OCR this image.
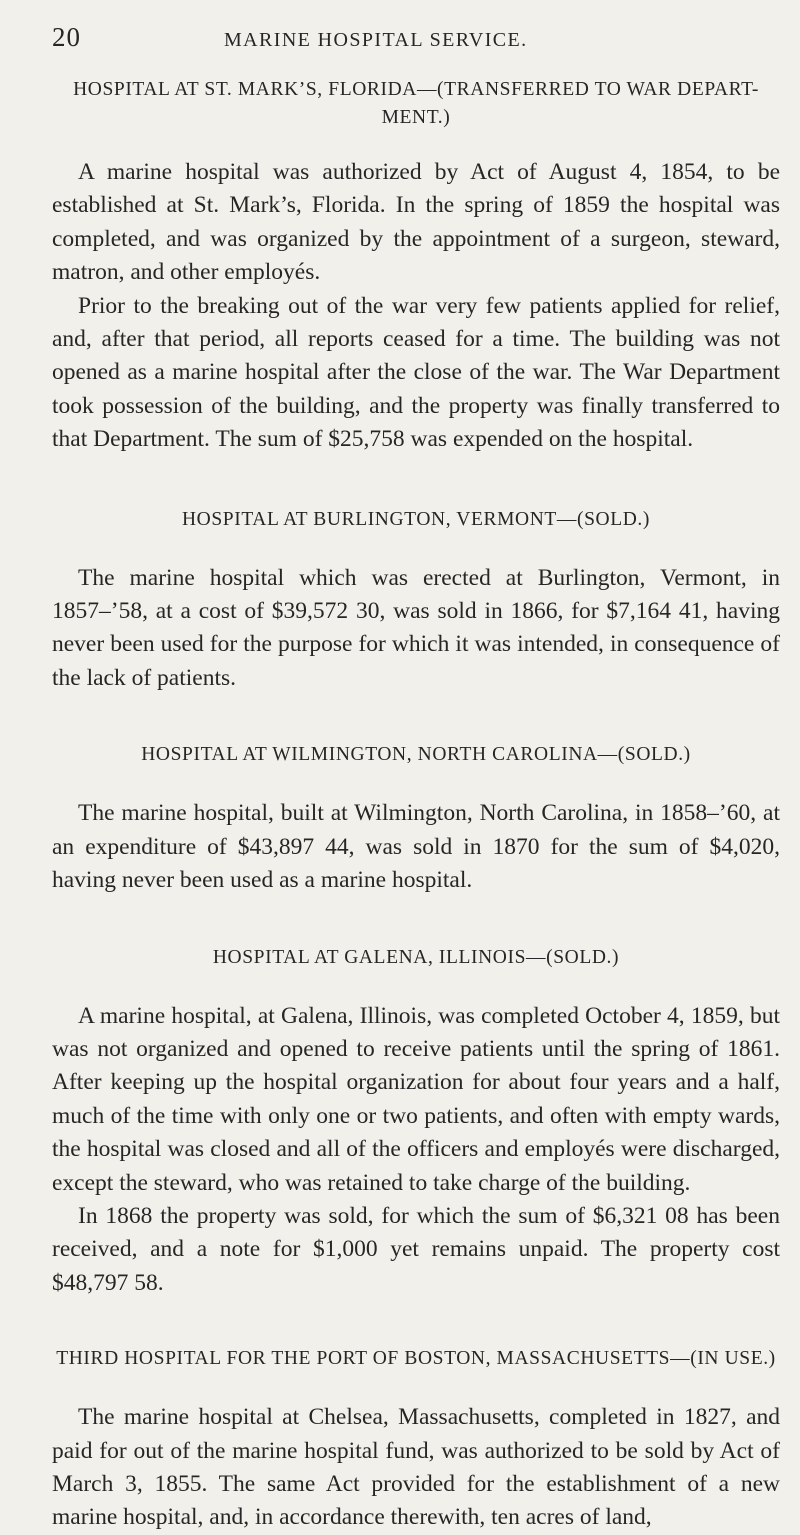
20	MARINE HOSPITAL SERVICE.
HOSPITAL AT ST. MARK’S, FLORIDA—(TRANSFERRED TO WAR DEPART-MENT.)

A marine hospital was authorized by Act of August 4, 1854, to be established at St. Mark’s, Florida. In the spring of 1859 the hospital was completed, and was organized by the appointment of a surgeon, steward, matron, and other employés.

Prior to the breaking out of the war very few patients applied for relief, and, after that period, all reports ceased for a time. The building was not opened as a marine hospital after the close of the war. The War Department took possession of the building, and the property was finally transferred to that Department. The sum of $25,758 was expended on the hospital.

HOSPITAL AT BURLINGTON, VERMONT—(SOLD.)

The marine hospital which was erected at Burlington, Vermont, in 1857–’58, at a cost of $39,572 30, was sold in 1866, for $7,164 41, having never been used for the purpose for which it was intended, in consequence of the lack of patients.

HOSPITAL AT WILMINGTON, NORTH CAROLINA—(SOLD.)

The marine hospital, built at Wilmington, North Carolina, in 1858–’60, at an expenditure of $43,897 44, was sold in 1870 for the sum of $4,020, having never been used as a marine hospital.

HOSPITAL AT GALENA, ILLINOIS—(SOLD.)

A marine hospital, at Galena, Illinois, was completed October 4, 1859, but was not organized and opened to receive patients until the spring of 1861. After keeping up the hospital organization for about four years and a half, much of the time with only one or two patients, and often with empty wards, the hospital was closed and all of the officers and employés were discharged, except the steward, who was retained to take charge of the building.

In 1868 the property was sold, for which the sum of $6,321 08 has been received, and a note for $1,000 yet remains unpaid. The property cost $48,797 58.

THIRD HOSPITAL FOR THE PORT OF BOSTON, MASSACHUSETTS—(IN USE.)

The marine hospital at Chelsea, Massachusetts, completed in 1827, and paid for out of the marine hospital fund, was authorized to be sold by Act of March 3, 1855. The same Act provided for the establishment of a new marine hospital, and, in accordance therewith, ten acres of land,
